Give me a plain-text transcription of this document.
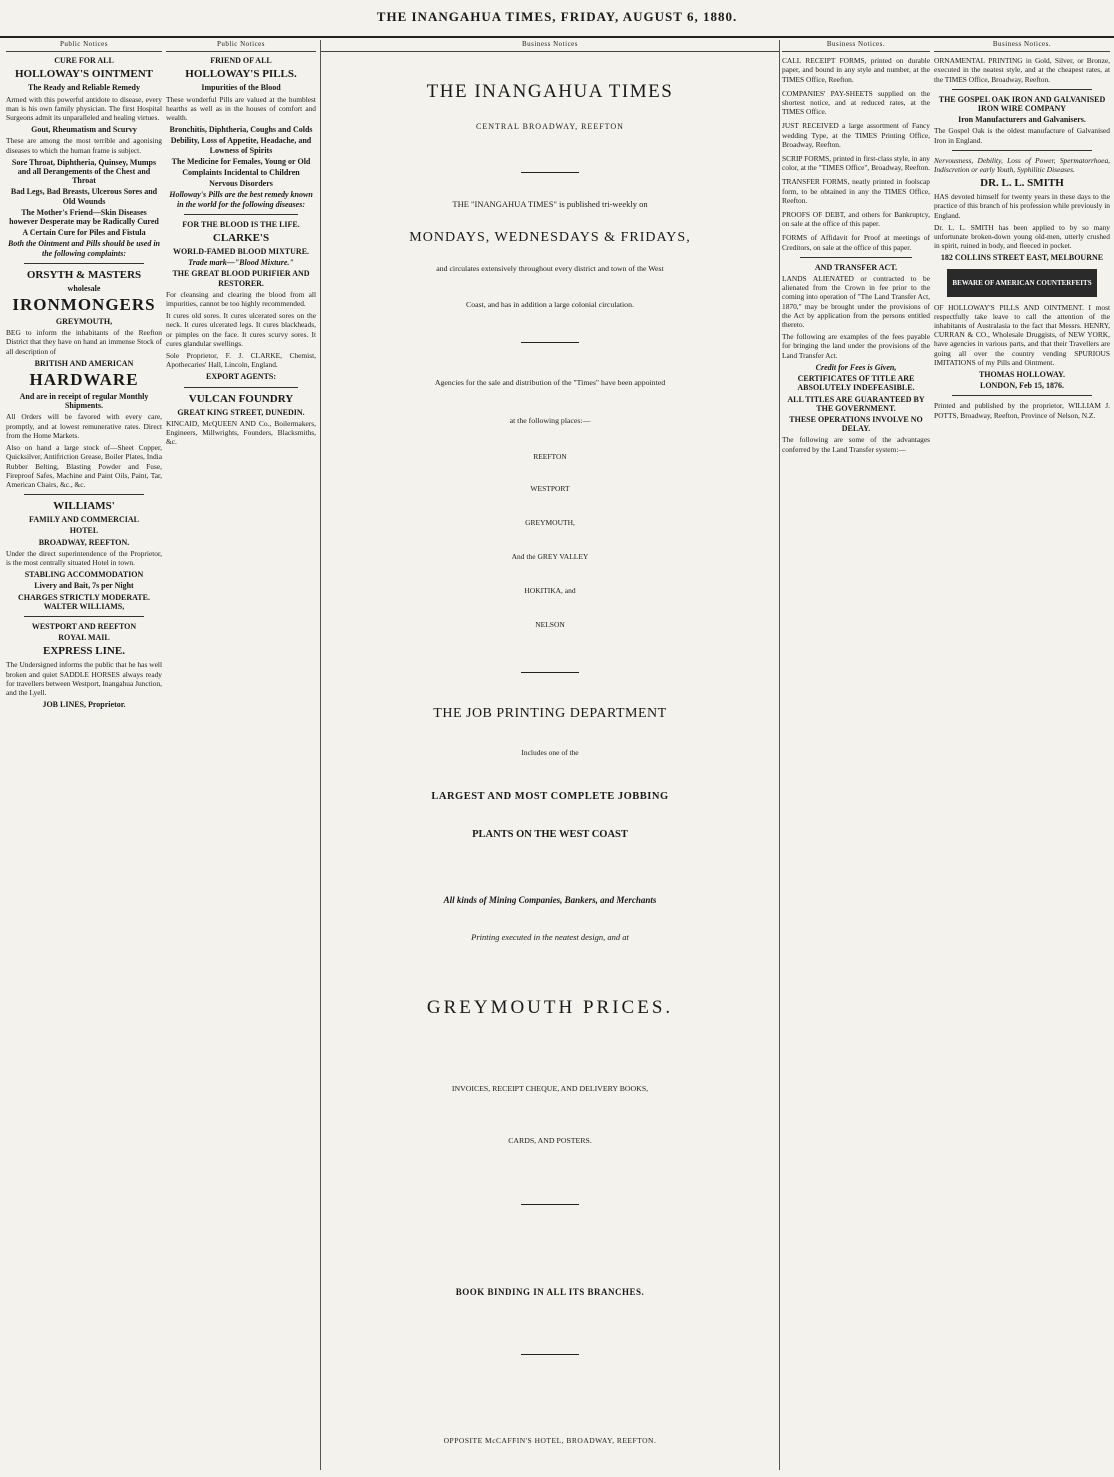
THE INANGAHUA TIMES, FRIDAY, AUGUST 6, 1880.
Public Notices
CURE FOR ALL
HOLLOWAY'S OINTMENT
The Ready and Reliable Remedy

Armed with this powerful antidote to disease, every man is his own family physician. The first Hospital Surgeons admit its unparalleled and healing virtues.

Gout, Rheumatism and Scurvy

These are among the most terrible and agonising diseases to which the human frame is subject.

Sore Throat, Diphtheria, Quinsey, Mumps and all Derangements of the Chest and Throat
Bad Legs, Bad Breasts, Ulcerous Sores and Old Wounds
The Mother's Friend—Skin Diseases however Desperate may be Radically Cured
A Certain Cure for Piles and Fistula
Both the Ointment and Pills should be used in the following complaints:
ORSYTH & MASTERS
wholesale
IRONMONGERS
GREYMOUTH,

BEG to inform the inhabitants of the Reefton District that they have on hand an immense Stock of all description of

BRITISH AND AMERICAN
HARDWARE
And are in receipt of regular Monthly Shipments.

All Orders will be favored with every care, promptly, and at lowest remunerative rates. Direct from the Home Markets.

Also on hand a large stock of—Sheet Copper, Quicksilver, Antifriction Grease, Boiler Plates, India Rubber Belting, Blasting Powder and Fuse, Fireproof Safes, Machine and Paint Oils, Paint, Tar, American Chairs, &c., &c.

WILLIAMS'
FAMILY AND COMMERCIAL
HOTEL
BROADWAY, REEFTON.

Under the direct superintendence of the Proprietor, is the most centrally situated Hotel in town.

STABLING ACCOMMODATION
Livery and Bait, 7s per Night
CHARGES STRICTLY MODERATE. WALTER WILLIAMS,
WESTPORT AND REEFTON
ROYAL MAIL
EXPRESS LINE.

The Undersigned informs the public that he has well broken and quiet SADDLE HORSES always ready for travellers between Westport, Inangahua Junction, and the Lyell.

JOB LINES, Proprietor.
Public Notices
FRIEND OF ALL
HOLLOWAY'S PILLS.
Impurities of the Blood

These wonderful Pills are valued at the humblest hearths as well as in the houses of comfort and wealth.

Bronchitis, Diphtheria, Coughs and Colds
Debility, Loss of Appetite, Headache, and Lowness of Spirits
The Medicine for Females, Young or Old
Complaints Incidental to Children
Nervous Disorders
Holloway's Pills are the best remedy known in the world for the following diseases:
FOR THE BLOOD IS THE LIFE.
CLARKE'S
WORLD-FAMED BLOOD MIXTURE.
Trade mark—"Blood Mixture."
THE GREAT BLOOD PURIFIER AND RESTORER.

For cleansing and clearing the blood from all impurities, cannot be too highly recommended.

It cures old sores. It cures ulcerated sores on the neck. It cures ulcerated legs. It cures blackheads, or pimples on the face. It cures scurvy sores. It cures glandular swellings.

Sole Proprietor, F. J. CLARKE, Chemist, Apothecaries' Hall, Lincoln, England.

EXPORT AGENTS:
VULCAN FOUNDRY
GREAT KING STREET, DUNEDIN.

KINCAID, McQUEEN AND Co., Boilermakers, Engineers, Millwrights, Founders, Blacksmiths, &c.

Business Notices
THE INANGAHUA TIMES
CENTRAL BROADWAY, REEFTON
THE "INANGAHUA TIMES" is published tri-weekly on
MONDAYS, WEDNESDAYS & FRIDAYS,
and circulates extensively throughout every district and town of the West
Coast, and has in addition a large colonial circulation.
Agencies for the sale and distribution of the "Times" have been appointed
at the following places:—
REEFTON
WESTPORT
GREYMOUTH,
And the GREY VALLEY
HOKITIKA, and
NELSON
THE JOB PRINTING DEPARTMENT
Includes one of the
LARGEST AND MOST COMPLETE JOBBING
PLANTS ON THE WEST COAST
All kinds of Mining Companies, Bankers, and Merchants
Printing executed in the neatest design, and at
GREYMOUTH PRICES.
INVOICES, RECEIPT CHEQUE, AND DELIVERY BOOKS,
CARDS, AND POSTERS.
BOOK BINDING IN ALL ITS BRANCHES.
OPPOSITE McCAFFIN'S HOTEL, BROADWAY, REEFTON.
Business Notices.
CALL RECEIPT FORMS, printed on durable paper, and bound in any style and number, at the TIMES Office, Reefton.
COMPANIES' PAY-SHEETS supplied on the shortest notice, and at reduced rates, at the TIMES Office.
JUST RECEIVED a large assortment of Fancy wedding Type, at the TIMES Printing Office, Broadway, Reefton.
SCRIP FORMS, printed in first-class style, in any color, at the "TIMES Office", Broadway, Reefton.
TRANSFER FORMS, neatly printed in foolscap form, to be obtained in any the TIMES Office, Reefton.
PROOFS OF DEBT, and others for Bankruptcy, on sale at the office of this paper.
FORMS of Affidavit for Proof at meetings of Creditors, on sale at the office of this paper.
AND TRANSFER ACT.

LANDS ALIENATED or contracted to be alienated from the Crown in fee prior to the coming into operation of "The Land Transfer Act, 1870," may be brought under the provisions of the Act by application from the persons entitled thereto.

The following are examples of the fees payable for bringing the land under the provisions of the Land Transfer Act.

Credit for Fees is Given,
CERTIFICATES OF TITLE ARE ABSOLUTELY INDEFEASIBLE.
ALL TITLES ARE GUARANTEED BY THE GOVERNMENT.
THESE OPERATIONS INVOLVE NO DELAY.

The following are some of the advantages conferred by the Land Transfer system:—

Business Notices.
ORNAMENTAL PRINTING in Gold, Silver, or Bronze, executed in the neatest style, and at the cheapest rates, at the TIMES Office, Broadway, Reefton.
THE GOSPEL OAK IRON AND GALVANISED IRON WIRE COMPANY
Iron Manufacturers and Galvanisers.

The Gospel Oak is the oldest manufacture of Galvanised Iron in England.

Nervousness, Debility, Loss of Power, Spermatorrhoea, Indiscretion or early Youth, Syphilitic Diseases.

DR. L. L. SMITH

HAS devoted himself for twenty years in these days to the practice of this branch of his profession while previously in England.

Dr. L. L. SMITH has been applied to by so many unfortunate broken-down young old-men, utterly crushed in spirit, ruined in body, and fleeced in pocket.

182 COLLINS STREET EAST, MELBOURNE
BEWARE OF AMERICAN COUNTERFEITS

OF HOLLOWAY'S PILLS AND OINTMENT. I most respectfully take leave to call the attention of the inhabitants of Australasia to the fact that Messrs. HENRY, CURRAN & CO., Wholesale Druggists, of NEW YORK, have agencies in various parts, and that their Travellers are going all over the country vending SPURIOUS IMITATIONS of my Pills and Ointment.

THOMAS HOLLOWAY.
LONDON, Feb 15, 1876.
Printed and published by the proprietor, WILLIAM J. POTTS, Broadway, Reefton, Province of Nelson, N.Z.
